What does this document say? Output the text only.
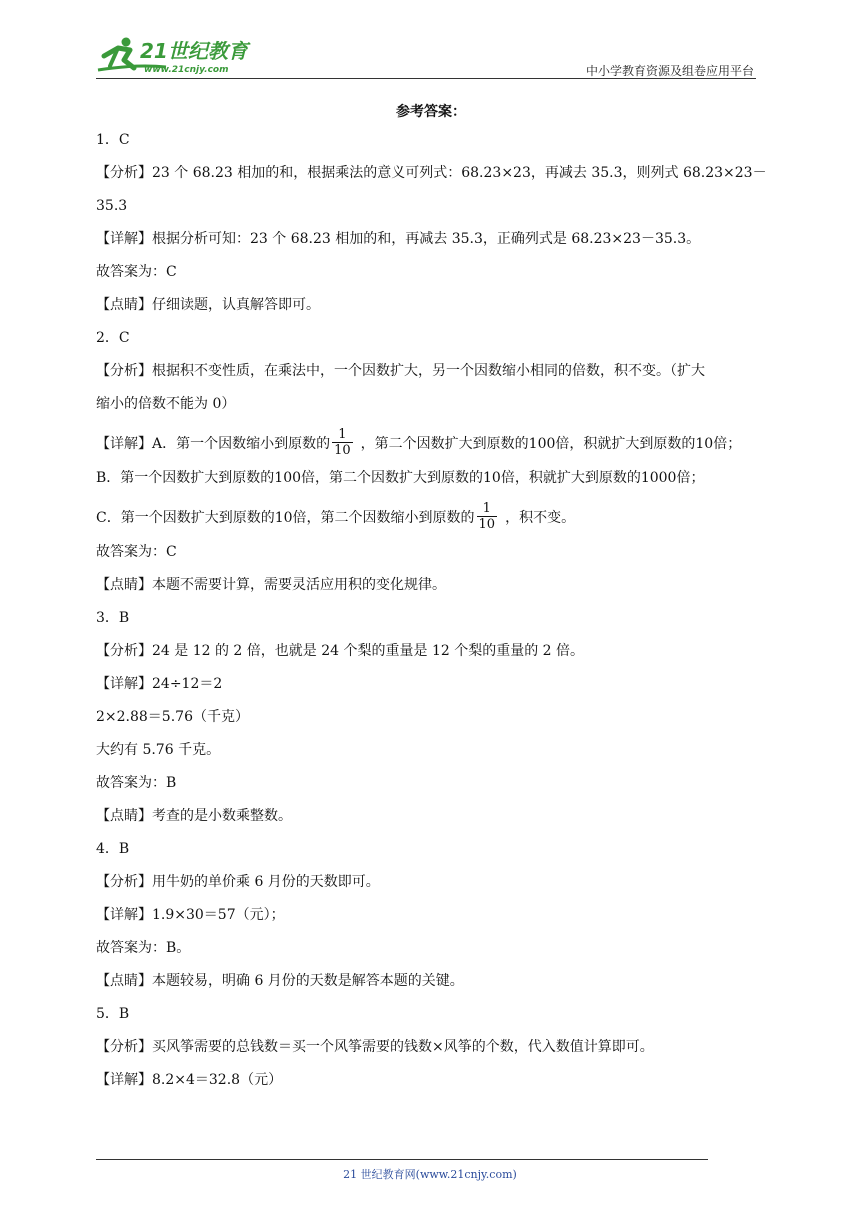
21世纪教育
www.21cnjy.com	中小学教育资源及组卷应用平台
参考答案：
1．C
【分析】23 个 68.23 相加的和，根据乘法的意义可列式：68.23×23，再减去 35.3，则列式 68.23×23－
35.3
【详解】根据分析可知：23 个 68.23 相加的和，再减去 35.3，正确列式是 68.23×23－35.3。
故答案为：C
【点睛】仔细读题，认真解答即可。
2．C
【分析】根据积不变性质，在乘法中，一个因数扩大，另一个因数缩小相同的倍数，积不变。（扩大
缩小的倍数不能为 0）
【详解】A．第一个因数缩小到原数的 $\frac{1}{10}$ ，第二个因数扩大到原数的100倍，积就扩大到原数的10倍；
B．第一个因数扩大到原数的100倍，第二个因数扩大到原数的10倍，积就扩大到原数的1000倍；
C．第一个因数扩大到原数的10倍，第二个因数缩小到原数的 $\frac{1}{10}$ ，积不变。
故答案为：C
【点睛】本题不需要计算，需要灵活应用积的变化规律。
3．B
【分析】24 是 12 的 2 倍，也就是 24 个梨的重量是 12 个梨的重量的 2 倍。
【详解】24÷12＝2
2×2.88＝5.76（千克）
大约有 5.76 千克。
故答案为：B
【点睛】考查的是小数乘整数。
4．B
【分析】用牛奶的单价乘 6 月份的天数即可。
【详解】1.9×30＝57（元）；
故答案为：B。
【点睛】本题较易，明确 6 月份的天数是解答本题的关键。
5．B
【分析】买风筝需要的总钱数＝买一个风筝需要的钱数×风筝的个数，代入数值计算即可。
【详解】8.2×4＝32.8（元）
21 世纪教育网(www.21cnjy.com)
